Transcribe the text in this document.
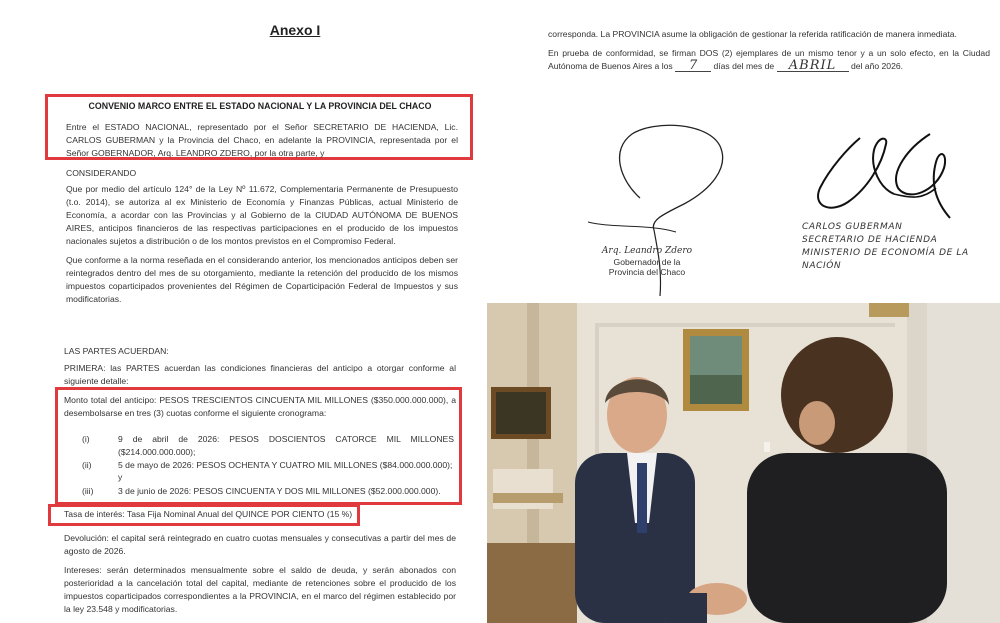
Anexo I
CONVENIO MARCO ENTRE EL ESTADO NACIONAL Y LA PROVINCIA DEL CHACO

Entre el ESTADO NACIONAL, representado por el Señor SECRETARIO DE HACIENDA, Lic. CARLOS GUBERMAN y la Provincia del Chaco, en adelante la PROVINCIA, representada por el Señor GOBERNADOR, Arq. LEANDRO ZDERO, por la otra parte, y

CONSIDERANDO

Que por medio del artículo 124° de la Ley Nº 11.672, Complementaria Permanente de Presupuesto (t.o. 2014), se autoriza al ex Ministerio de Economía y Finanzas Públicas, actual Ministerio de Economía, a acordar con las Provincias y al Gobierno de la CIUDAD AUTÓNOMA DE BUENOS AIRES, anticipos financieros de las respectivas participaciones en el producido de los impuestos nacionales sujetos a distribución o de los montos previstos en el Compromiso Federal.

Que conforme a la norma reseñada en el considerando anterior, los mencionados anticipos deben ser reintegrados dentro del mes de su otorgamiento, mediante la retención del producido de los mismos impuestos coparticipados provenientes del Régimen de Coparticipación Federal de Impuestos y sus modificatorias.

corresponda. La PROVINCIA asume la obligación de gestionar la referida ratificación de manera inmediata.

En prueba de conformidad, se firman DOS (2) ejemplares de un mismo tenor y a un solo efecto, en la Ciudad Autónoma de Buenos Aires a los 7 días del mes de ABRIL del año 2026.

Arq. Leandro Zdero
Gobernador de la
Provincia del Chaco
CARLOS GUBERMAN
SECRETARIO DE HACIENDA
MINISTERIO DE ECONOMÍA DE LA
NACIÓN
LAS PARTES ACUERDAN:

PRIMERA: las PARTES acuerdan las condiciones financieras del anticipo a otorgar conforme al siguiente detalle:

Monto total del anticipo: PESOS TRESCIENTOS CINCUENTA MIL MILLONES ($350.000.000.000), a desembolsarse en tres (3) cuotas conforme el siguiente cronograma:

(i)	9 de abril de 2026: PESOS DOSCIENTOS CATORCE MIL MILLONES ($214.000.000.000);
(ii)	5 de mayo de 2026: PESOS OCHENTA Y CUATRO MIL MILLONES ($84.000.000.000);
y
(iii)	3 de junio de 2026: PESOS CINCUENTA Y DOS MIL MILLONES ($52.000.000.000).
Tasa de interés: Tasa Fija Nominal Anual del QUINCE POR CIENTO (15 %)

Devolución: el capital será reintegrado en cuatro cuotas mensuales y consecutivas a partir del mes de agosto de 2026.

Intereses: serán determinados mensualmente sobre el saldo de deuda, y serán abonados con posterioridad a la cancelación total del capital, mediante de retenciones sobre el producido de los impuestos coparticipados correspondientes a la PROVINCIA, en el marco del régimen establecido por la ley 23.548 y modificatorias.
